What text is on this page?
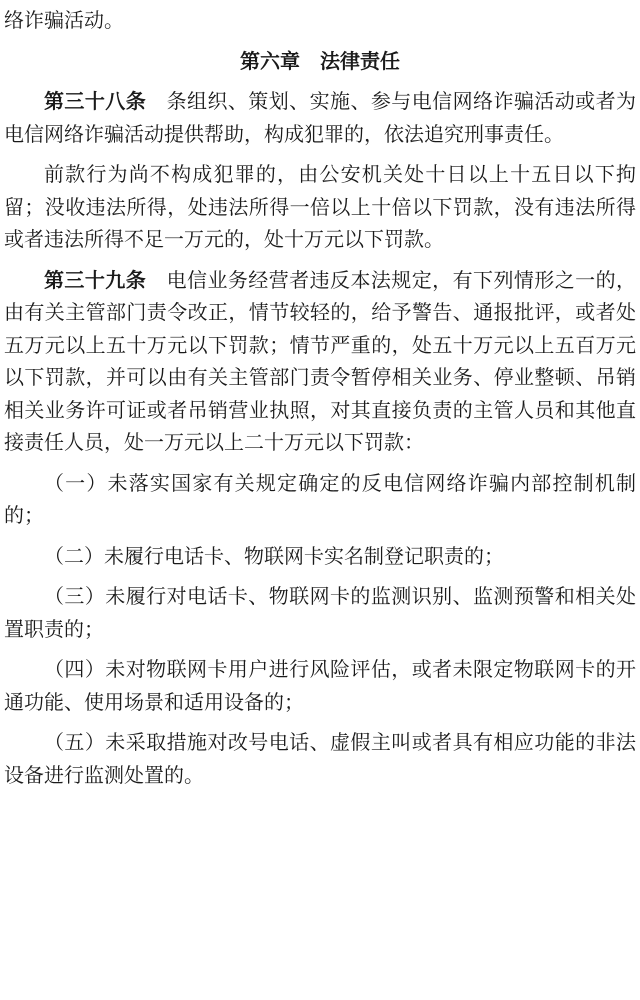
络诈骗活动。
第六章　法律责任
第三十八条 条组织、策划、实施、参与电信网络诈骗活动或者为电信网络诈骗活动提供帮助，构成犯罪的，依法追究刑事责任。
前款行为尚不构成犯罪的，由公安机关处十日以上十五日以下拘留；没收违法所得，处违法所得一倍以上十倍以下罚款，没有违法所得或者违法所得不足一万元的，处十万元以下罚款。
第三十九条 电信业务经营者违反本法规定，有下列情形之一的，由有关主管部门责令改正，情节较轻的，给予警告、通报批评，或者处五万元以上五十万元以下罚款；情节严重的，处五十万元以上五百万元以下罚款，并可以由有关主管部门责令暂停相关业务、停业整顿、吊销相关业务许可证或者吊销营业执照，对其直接负责的主管人员和其他直接责任人员，处一万元以上二十万元以下罚款：
（一）未落实国家有关规定确定的反电信网络诈骗内部控制机制的；
（二）未履行电话卡、物联网卡实名制登记职责的；
（三）未履行对电话卡、物联网卡的监测识别、监测预警和相关处置职责的；
（四）未对物联网卡用户进行风险评估，或者未限定物联网卡的开通功能、使用场景和适用设备的；
（五）未采取措施对改号电话、虚假主叫或者具有相应功能的非法设备进行监测处置的。
